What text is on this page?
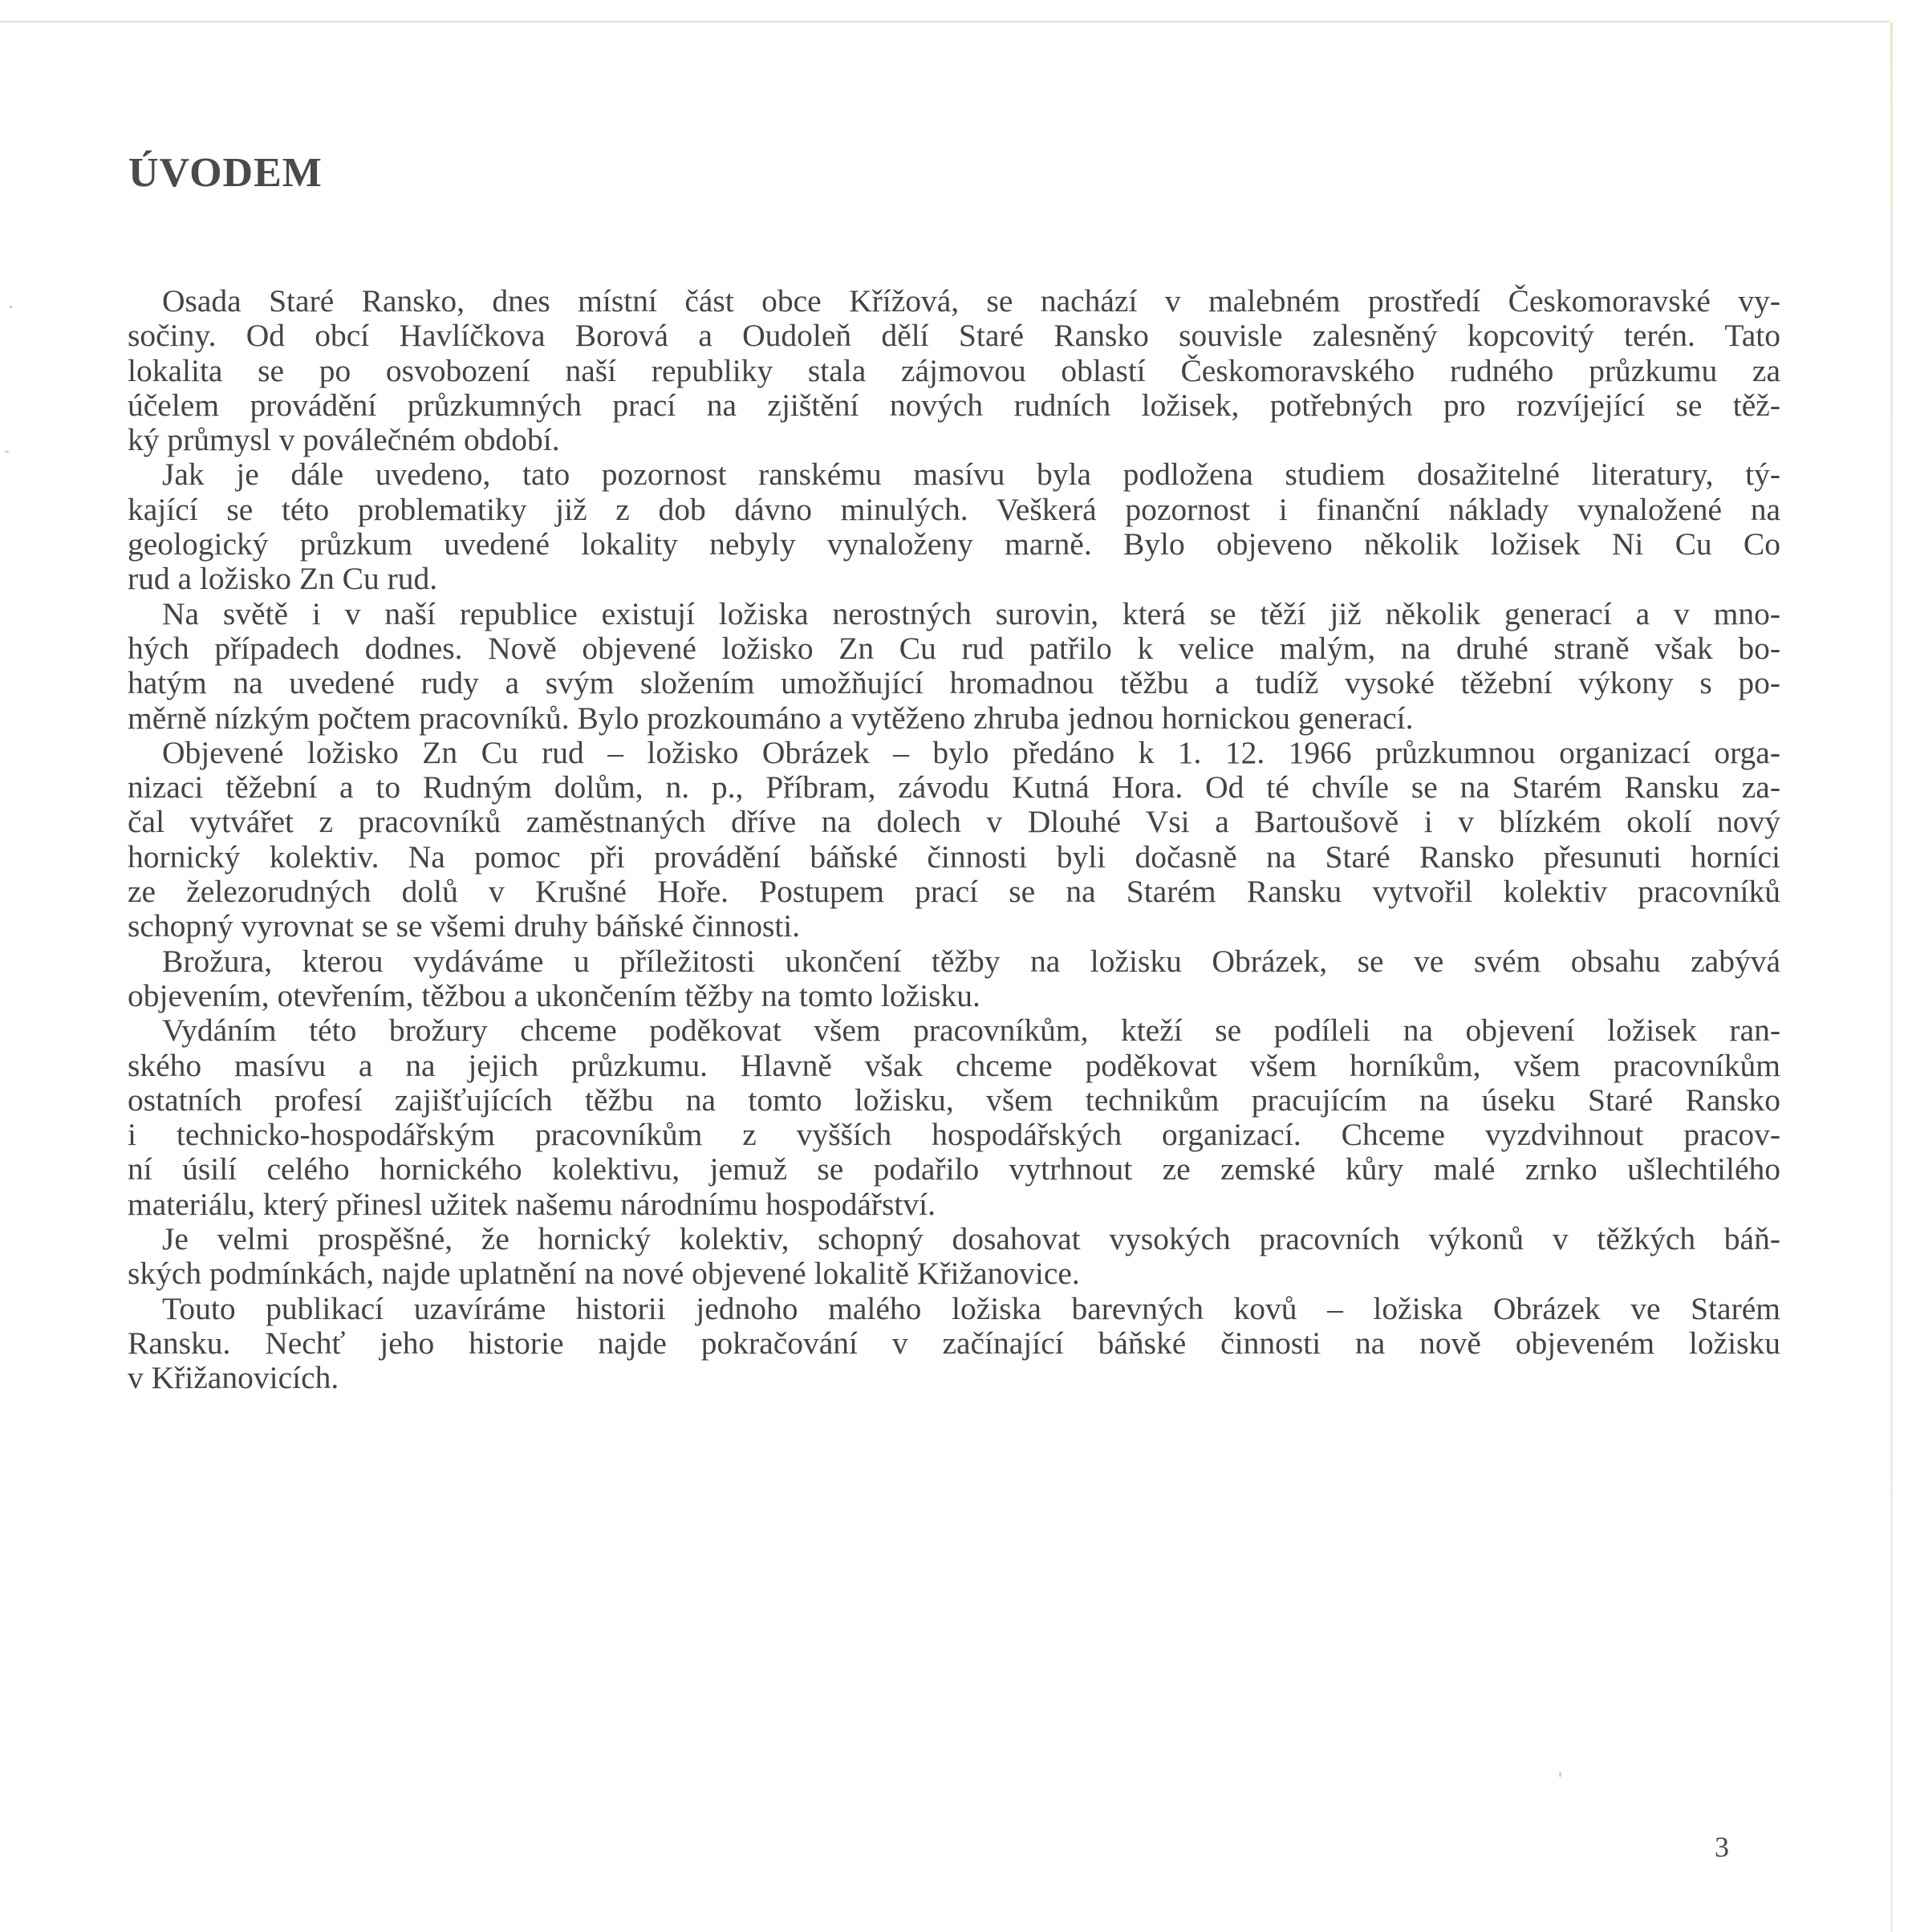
ÚVODEM
Osada Staré Ransko, dnes místní část obce Křížová, se nachází v malebném prostředí Českomoravské vy-
sočiny. Od obcí Havlíčkova Borová a Oudoleň dělí Staré Ransko souvisle zalesněný kopcovitý terén. Tato
lokalita se po osvobození naší republiky stala zájmovou oblastí Českomoravského rudného průzkumu za
účelem provádění průzkumných prací na zjištění nových rudních ložisek, potřebných pro rozvíjející se těž-
ký průmysl v poválečném období.
Jak je dále uvedeno, tato pozornost ranskému masívu byla podložena studiem dosažitelné literatury, tý-
kající se této problematiky již z dob dávno minulých. Veškerá pozornost i finanční náklady vynaložené na
geologický průzkum uvedené lokality nebyly vynaloženy marně. Bylo objeveno několik ložisek Ni Cu Co
rud a ložisko Zn Cu rud.
Na světě i v naší republice existují ložiska nerostných surovin, která se těží již několik generací a v mno-
hých případech dodnes. Nově objevené ložisko Zn Cu rud patřilo k velice malým, na druhé straně však bo-
hatým na uvedené rudy a svým složením umožňující hromadnou těžbu a tudíž vysoké těžební výkony s po-
měrně nízkým počtem pracovníků. Bylo prozkoumáno a vytěženo zhruba jednou hornickou generací.
Objevené ložisko Zn Cu rud – ložisko Obrázek – bylo předáno k 1. 12. 1966 průzkumnou organizací orga-
nizaci těžební a to Rudným dolům, n. p., Příbram, závodu Kutná Hora. Od té chvíle se na Starém Ransku za-
čal vytvářet z pracovníků zaměstnaných dříve na dolech v Dlouhé Vsi a Bartoušově i v blízkém okolí nový
hornický kolektiv. Na pomoc při provádění báňské činnosti byli dočasně na Staré Ransko přesunuti horníci
ze železorudných dolů v Krušné Hoře. Postupem prací se na Starém Ransku vytvořil kolektiv pracovníků
schopný vyrovnat se se všemi druhy báňské činnosti.
Brožura, kterou vydáváme u příležitosti ukončení těžby na ložisku Obrázek, se ve svém obsahu zabývá
objevením, otevřením, těžbou a ukončením těžby na tomto ložisku.
Vydáním této brožury chceme poděkovat všem pracovníkům, kteží se podíleli na objevení ložisek ran-
ského masívu a na jejich průzkumu. Hlavně však chceme poděkovat všem horníkům, všem pracovníkům
ostatních profesí zajišťujících těžbu na tomto ložisku, všem technikům pracujícím na úseku Staré Ransko
i technicko-hospodářským pracovníkům z vyšších hospodářských organizací. Chceme vyzdvihnout pracov-
ní úsilí celého hornického kolektivu, jemuž se podařilo vytrhnout ze zemské kůry malé zrnko ušlechtilého
materiálu, který přinesl užitek našemu národnímu hospodářství.
Je velmi prospěšné, že hornický kolektiv, schopný dosahovat vysokých pracovních výkonů v těžkých báň-
ských podmínkách, najde uplatnění na nové objevené lokalitě Křižanovice.
Touto publikací uzavíráme historii jednoho malého ložiska barevných kovů – ložiska Obrázek ve Starém
Ransku. Nechť jeho historie najde pokračování v začínající báňské činnosti na nově objeveném ložisku
v Křižanovicích.
3
